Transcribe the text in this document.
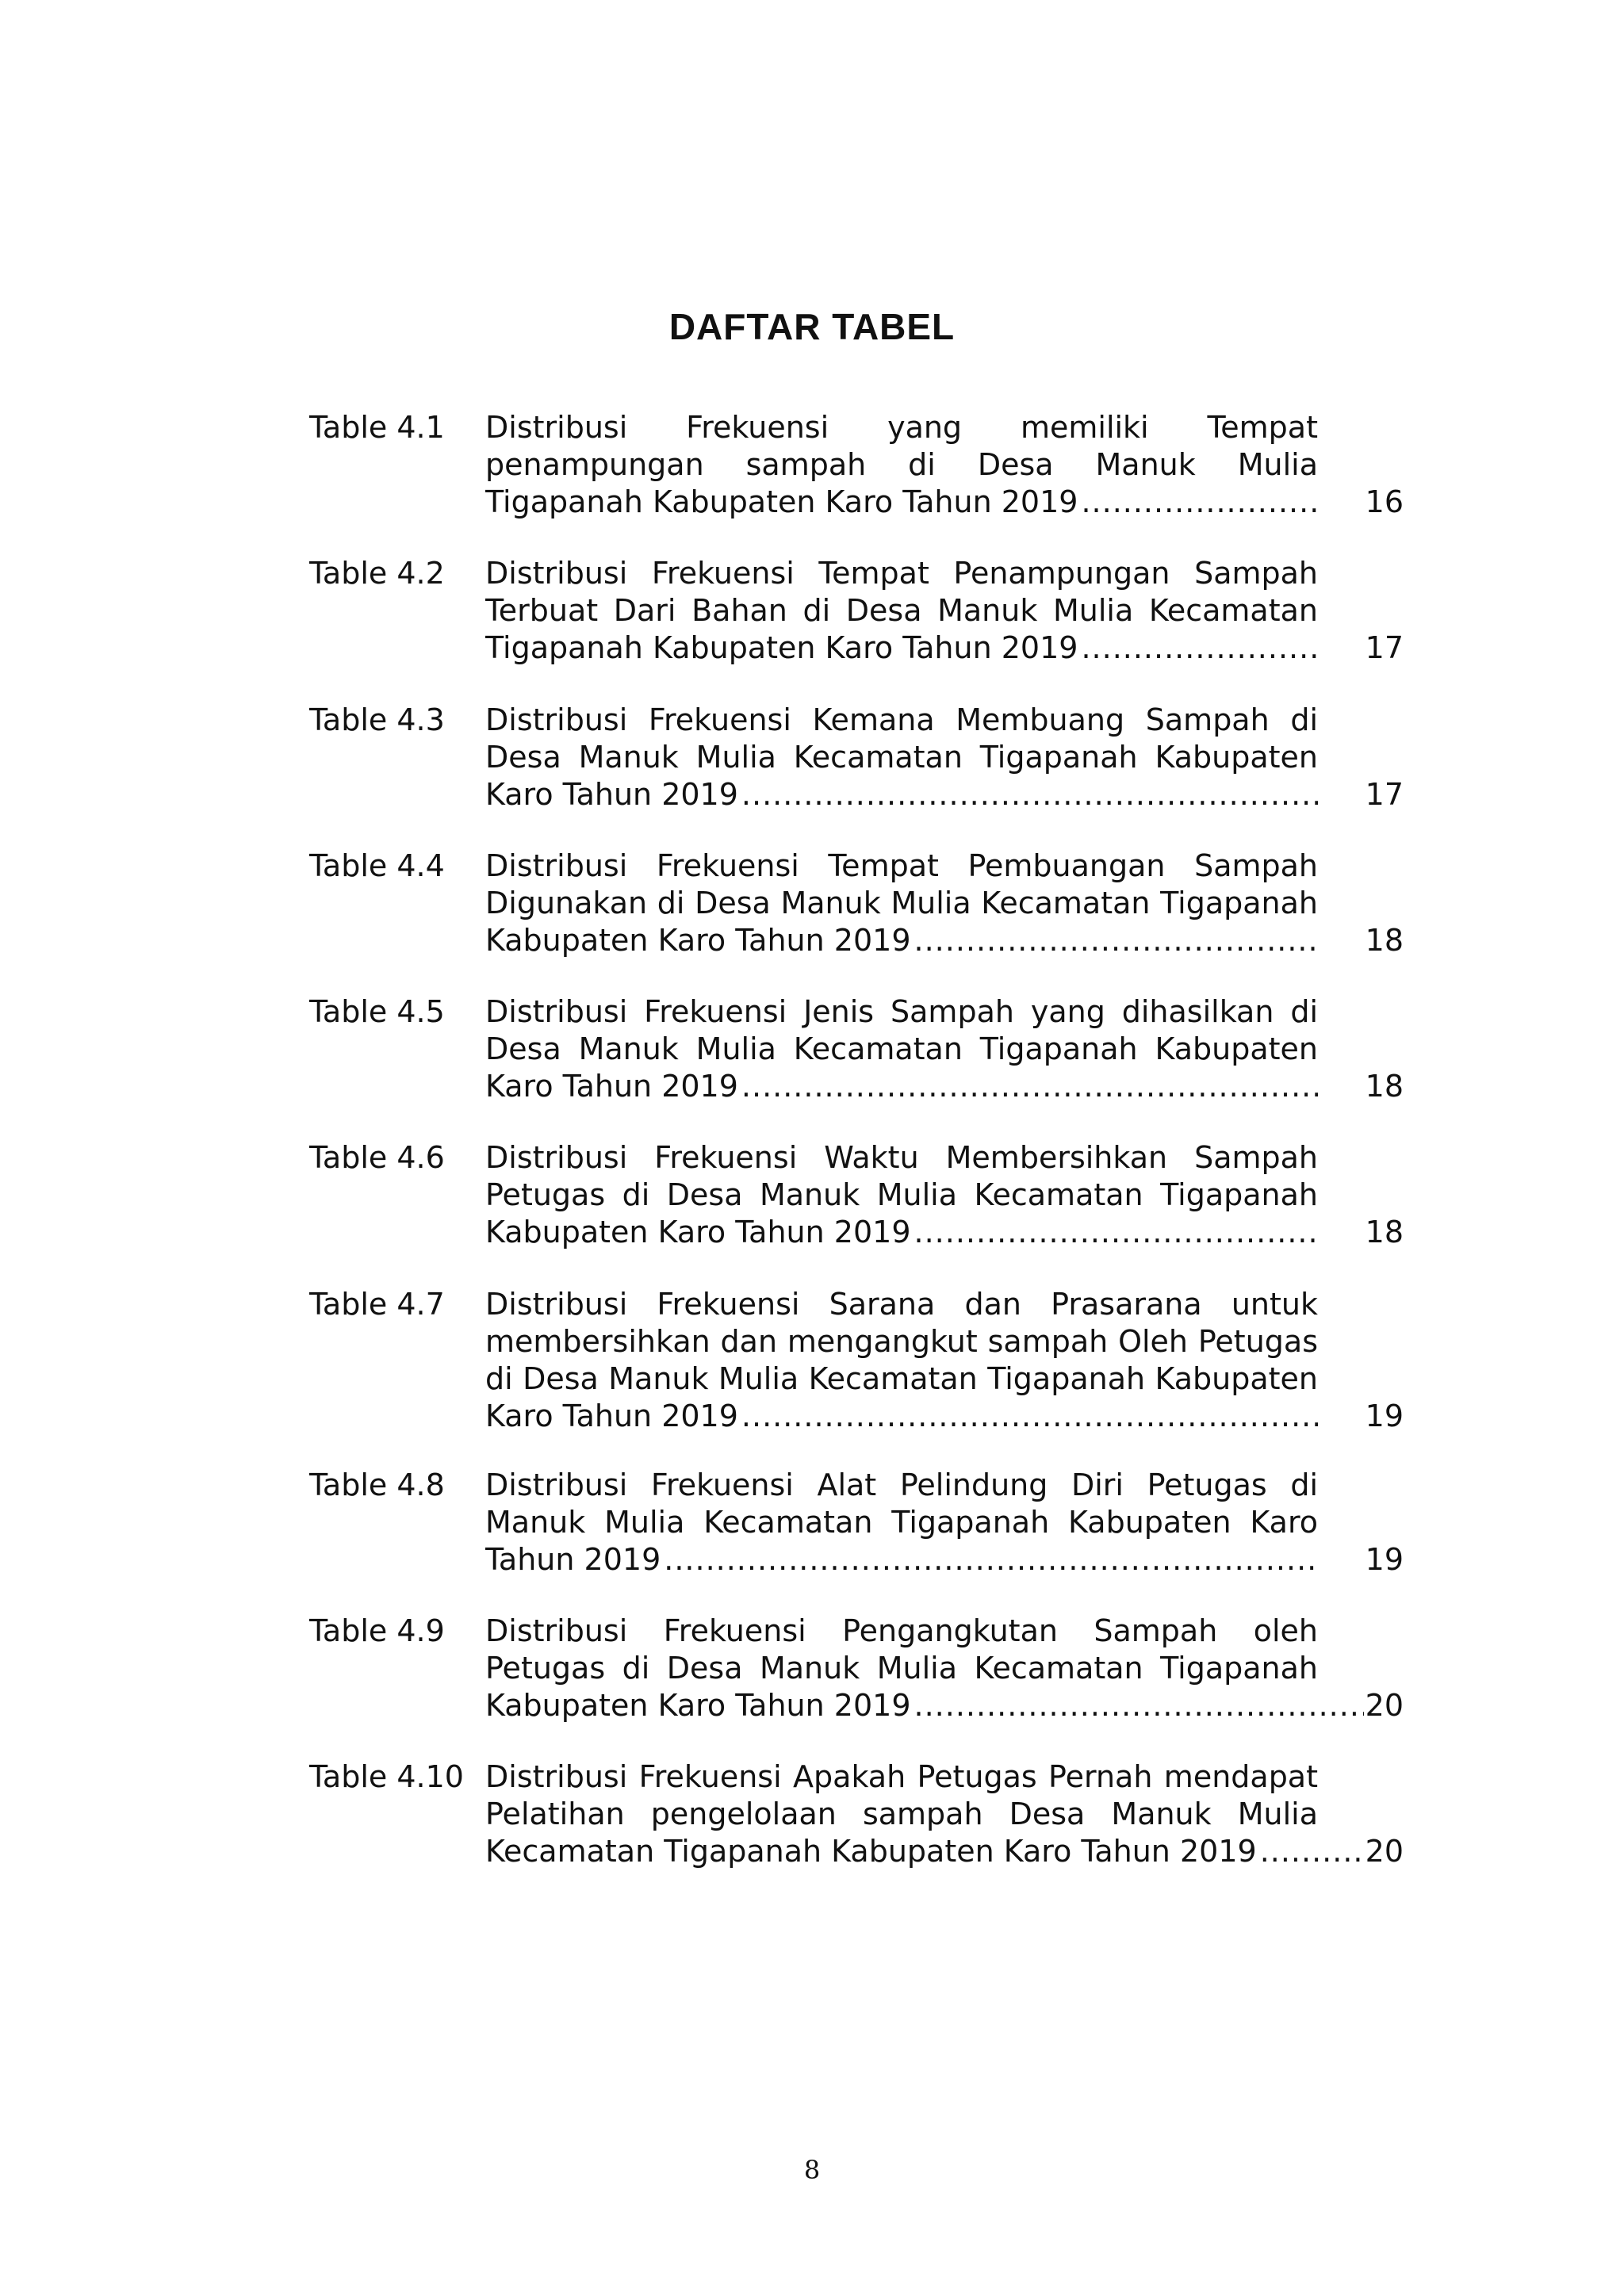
DAFTAR TABEL
Table 4.1 Distribusi Frekuensi yang memiliki Tempat
penampungan sampah di Desa Manuk Mulia
Tigapanah Kabupaten Karo Tahun 2019 .....	16
Table 4.2 Distribusi Frekuensi Tempat Penampungan Sampah
Terbuat Dari Bahan di Desa Manuk Mulia Kecamatan
Tigapanah Kabupaten Karo Tahun 2019 .....	17
Table 4.3 Distribusi Frekuensi Kemana Membuang Sampah di
Desa Manuk Mulia Kecamatan Tigapanah Kabupaten
Karo Tahun 2019 .....	17
Table 4.4 Distribusi Frekuensi Tempat Pembuangan Sampah
Digunakan di Desa Manuk Mulia Kecamatan Tigapanah
Kabupaten Karo Tahun 2019 .....	18
Table 4.5 Distribusi Frekuensi Jenis Sampah yang dihasilkan di
Desa Manuk Mulia Kecamatan Tigapanah Kabupaten
Karo Tahun 2019 .....	18
Table 4.6 Distribusi Frekuensi Waktu Membersihkan Sampah
Petugas di Desa Manuk Mulia Kecamatan Tigapanah
Kabupaten Karo Tahun 2019 .....	18
Table 4.7 Distribusi Frekuensi Sarana dan Prasarana untuk
membersihkan dan mengangkut sampah Oleh Petugas
di Desa Manuk Mulia Kecamatan Tigapanah Kabupaten
Karo Tahun 2019 .....	19
Table 4.8 Distribusi Frekuensi Alat Pelindung Diri Petugas di
Manuk Mulia Kecamatan Tigapanah Kabupaten Karo
Tahun 2019 .....	19
Table 4.9 Distribusi Frekuensi Pengangkutan Sampah oleh
Petugas di Desa Manuk Mulia Kecamatan Tigapanah
Kabupaten Karo Tahun 2019 .....	20
Table 4.10 Distribusi Frekuensi Apakah Petugas Pernah mendapat
Pelatihan pengelolaan sampah Desa Manuk Mulia
Kecamatan Tigapanah Kabupaten Karo Tahun 2019 .....	20
8
